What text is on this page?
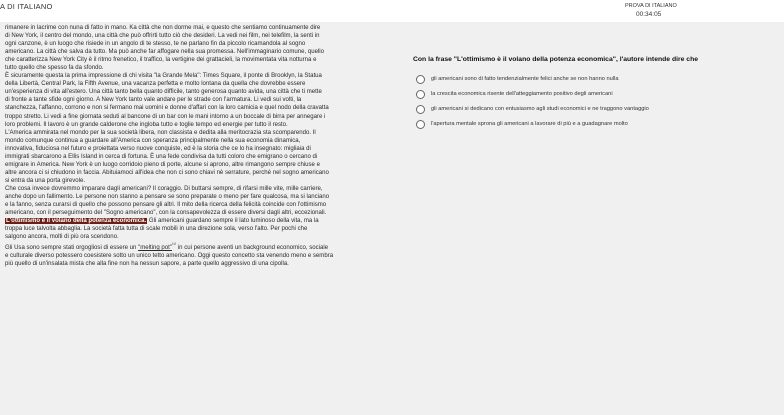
A DI ITALIANO	PROVA DI ITALIANO
00:34:05

rimanere in lacrime con nuna di fatto in mano. Ka città che non dorme mai, e questo che sentiamo continuamente dire

di New York, il centro del mondo, una città che può offrirti tutto ciò che desideri. La vedi nei film, nei telefilm, la senti in

ogni canzone, è un luogo che risiede in un angolo di te stesso, te ne parlano fin da piccolo ricamandola al sogno

americano. La città che salva da tutto. Ma può anche far affogare nella sua promessa. Nell'immaginario comune, quello

che caratterizza New York City è il ritmo frenetico, il traffico, la vertigine dei grattacieli, la movimentata vita notturna e

tutto quello che spesso fa da sfondo.

È sicuramente questa la prima impressione di chi visita "la Grande Mela": Times Square, il ponte di Brooklyn, la Statua

della Libertà, Central Park, la Fifth Avenue, una vacanza perfetta e molto lontana da quella che dovrebbe essere

un'esperienza di vita all'estero. Una città tanto bella quanto difficile, tanto generosa quanto avida, una città che ti mette

di fronte a tante sfide ogni giorno. A New York tanto vale andare per le strade con l'armatura. Li vedi sui volti, la

stanchezza, l'affanno, corrono e non si fermano mai uomini e donne d'affari con la loro camicia e quel nodo della cravatta

troppo stretto. Li vedi a fine giornata seduti al bancone di un bar con le mani intorno a un boccale di birra per annegare i

loro problemi. Il lavoro è un grande calderone che ingloba tutto e toglie tempo ed energie per tutto il resto.

L'America ammirata nel mondo per la sua società libera, non classista e dedita alla meritocrazia sta scomparendo. Il

mondo comunque continua a guardare all'America con speranza principalmente nella sua economia dinamica,

innovativa, fiduciosa nel futuro e proiettata verso nuove conquiste, ed è la storia che ce lo ha insegnato: migliaia di

immigrati sbarcarono a Ellis Island in cerca di fortuna. È una fede condivisa da tutti coloro che emigrano o cercano di

emigrare in America. New York è un luogo corridoio pieno di porte, alcune si aprono, altre rimangono sempre chiuse e

altre ancora ci si chiudono in faccia. Abituiamoci all'idea che non ci sono chiavi nè serrature, perché nel sogno americano

si entra da una porta girevole.

Che cosa invece dovremmo imparare dagli americani? Il coraggio. Di buttarsi sempre, di rifarsi mille vite, mille carriere,

anche dopo un fallimento. Le persone non stanno a pensare se sono preparate o meno per fare qualcosa, ma si lanciano

e la fanno, senza curarsi di quello che possono pensare gli altri. Il mito della ricerca della felicità coincide con l'ottimismo

americano, con il perseguimento del "Sogno americano", con la consapevolezza di essere diversi dagli altri, eccezionali.

L'ottimismo è il volano della potenza economica. Gli americani guardano sempre il lato luminoso della vita, ma la

troppa luce talvolta abbaglia. La società fatta tutta di scale mobili in una direzione sola, verso l'alto. Per pochi che

salgono ancora, molti di più ora scendono.

Gli Usa sono sempre stati orgogliosi di essere un "melting pot"$^{^{(1)}}$ in cui persone aventi un background economico, sociale

e culturale diverso potessero coesistere sotto un unico tetto americano. Oggi questo concetto sta venendo meno e sembra

più quello di un'insalata mista che alla fine non ha nessun sapore, a parte quello aggressivo di una cipolla.

Con la frase "L'ottimismo è il volano della potenza economica", l'autore intende dire che
gli americani sono di fatto tendenzialmente felici anche se non hanno nulla
la crescita economica risente dell'atteggiamento positivo degli americani
gli americani si dedicano con entusiasmo agli studi economici e ne traggono vantaggio
l'apertura mentale sprona gli americani a lavorare di più e a guadagnare molto
